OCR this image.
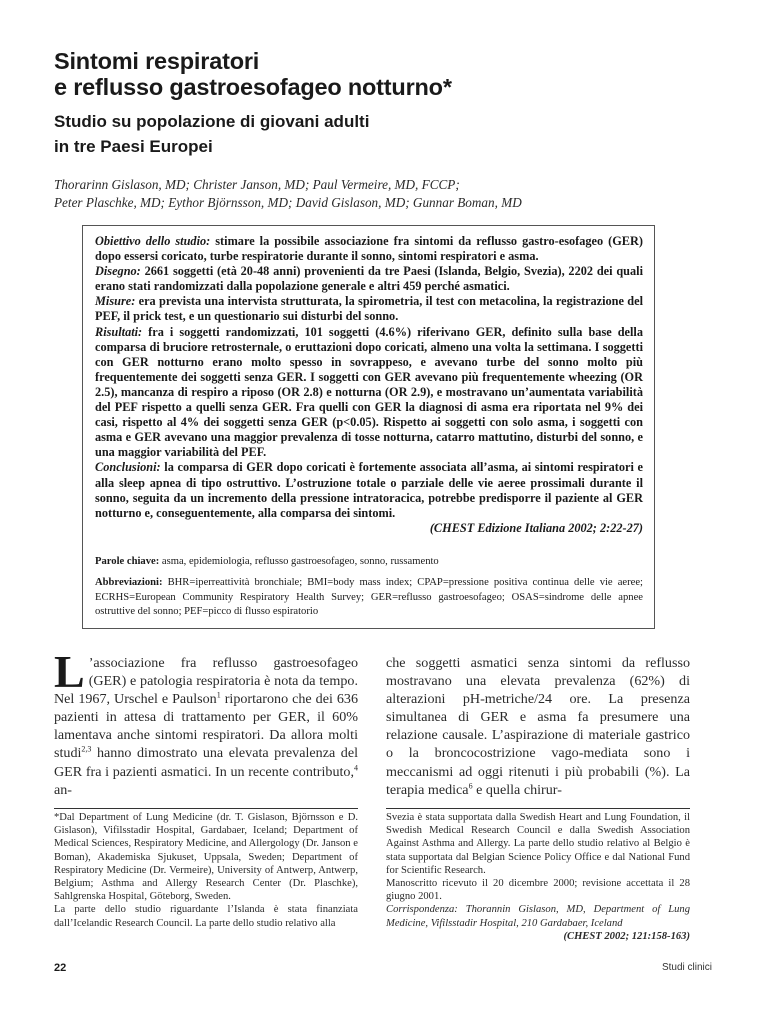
Sintomi respiratori
e reflusso gastroesofageo notturno*
Studio su popolazione di giovani adulti
in tre Paesi Europei
Thorarinn Gislason, MD; Christer Janson, MD; Paul Vermeire, MD, FCCP;
Peter Plaschke, MD; Eythor Björnsson, MD; David Gislason, MD; Gunnar Boman, MD

Obiettivo dello studio: stimare la possibile associazione fra sintomi da reflusso gastro-esofageo (GER) dopo essersi coricato, turbe respiratorie durante il sonno, sintomi respiratori e asma.

Disegno: 2661 soggetti (età 20-48 anni) provenienti da tre Paesi (Islanda, Belgio, Svezia), 2202 dei quali erano stati randomizzati dalla popolazione generale e altri 459 perché asmatici.

Misure: era prevista una intervista strutturata, la spirometria, il test con metacolina, la registrazione del PEF, il prick test, e un questionario sui disturbi del sonno.

Risultati: fra i soggetti randomizzati, 101 soggetti (4.6%) riferivano GER, definito sulla base della comparsa di bruciore retrosternale, o eruttazioni dopo coricati, almeno una volta la settimana. I soggetti con GER notturno erano molto spesso in sovrappeso, e avevano turbe del sonno molto più frequentemente dei soggetti senza GER. I soggetti con GER avevano più frequentemente wheezing (OR 2.5), mancanza di respiro a riposo (OR 2.8) e notturna (OR 2.9), e mostravano un’aumentata variabilità del PEF rispetto a quelli senza GER. Fra quelli con GER la diagnosi di asma era riportata nel 9% dei casi, rispetto al 4% dei soggetti senza GER (p<0.05). Rispetto ai soggetti con solo asma, i soggetti con asma e GER avevano una maggior prevalenza di tosse notturna, catarro mattutino, disturbi del sonno, e una maggior variabilità del PEF.

Conclusioni: la comparsa di GER dopo coricati è fortemente associata all’asma, ai sintomi respiratori e alla sleep apnea di tipo ostruttivo. L’ostruzione totale o parziale delle vie aeree prossimali durante il sonno, seguita da un incremento della pressione intratoracica, potrebbe predisporre il paziente al GER notturno e, conseguentemente, alla comparsa dei sintomi.

(CHEST Edizione Italiana 2002; 2:22-27)

Parole chiave: asma, epidemiologia, reflusso gastroesofageo, sonno, russamento
Abbreviazioni: BHR=iperreattività bronchiale; BMI=body mass index; CPAP=pressione positiva continua delle vie aeree; ECRHS=European Community Respiratory Health Survey; GER=reflusso gastroesofageo; OSAS=sindrome delle apnee ostruttive del sonno; PEF=picco di flusso espiratorio
L ’associazione fra reflusso gastroesofageo (GER) e patologia respiratoria è nota da tempo. Nel 1967, Urschel e Paulson$^1$ riportarono che dei 636 pazienti in attesa di trattamento per GER, il 60% lamentava anche sintomi respiratori. Da allora molti studi$^{2,3}$ hanno dimostrato una elevata prevalenza del GER fra i pazienti asmatici. In un recente contributo,$^4$ an-
che soggetti asmatici senza sintomi da reflusso mostravano una elevata prevalenza (62%) di alterazioni pH-metriche/24 ore. La presenza simultanea di GER e asma fa presumere una relazione causale. L’aspirazione di materiale gastrico o la broncocostrizione vago-mediata sono i meccanismi ad oggi ritenuti i più probabili (%). La terapia medica$^6$ e quella chirur-

*Dal Department of Lung Medicine (dr. T. Gislason, Björnsson e D. Gislason), Vifilsstadir Hospital, Gardabaer, Iceland; Department of Medical Sciences, Respiratory Medicine, and Allergology (Dr. Janson e Boman), Akademiska Sjukuset, Uppsala, Sweden; Department of Respiratory Medicine (Dr. Vermeire), University of Antwerp, Antwerp, Belgium; Asthma and Allergy Research Center (Dr. Plaschke), Sahlgrenska Hospital, Göteborg, Sweden.

La parte dello studio riguardante l’Islanda è stata finanziata dall’Icelandic Research Council. La parte dello studio relativo alla

Svezia è stata supportata dalla Swedish Heart and Lung Foundation, il Swedish Medical Research Council e dalla Swedish Association Against Asthma and Allergy. La parte dello studio relativo al Belgio è stata supportata dal Belgian Science Policy Office e dal National Fund for Scientific Research.

Manoscritto ricevuto il 20 dicembre 2000; revisione accettata il 28 giugno 2001.

Corrispondenza: Thorannin Gislason, MD, Department of Lung Medicine, Vifilsstadir Hospital, 210 Gardabaer, Iceland

(CHEST 2002; 121:158-163)

22	Studi clinici
